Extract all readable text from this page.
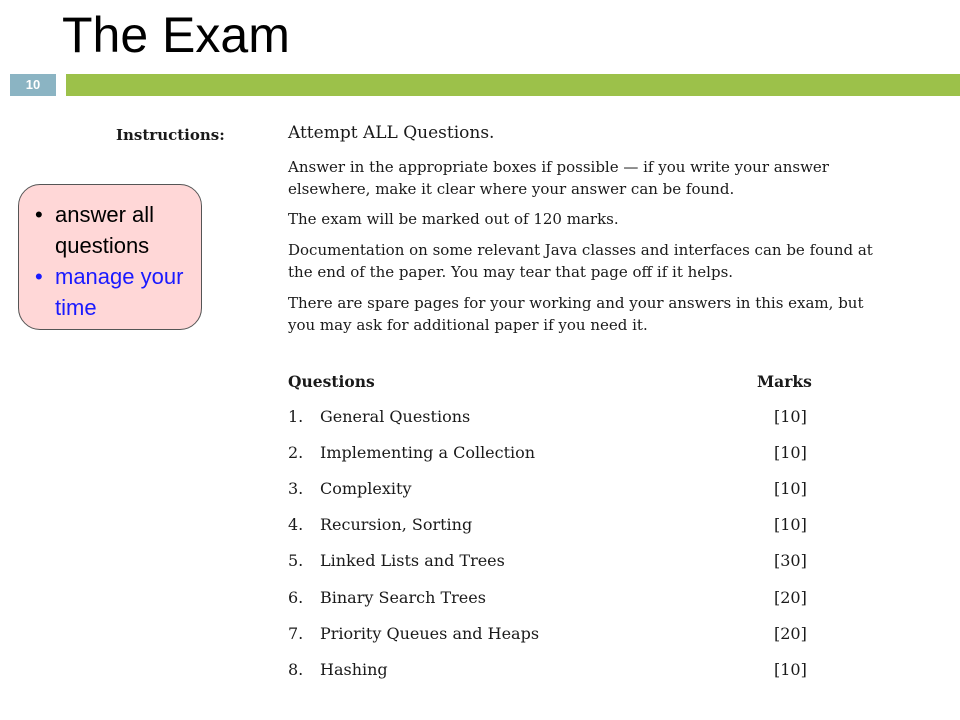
The Exam
10
• answer all questions
• manage your time
Instructions:	Attempt ALL Questions.

Answer in the appropriate boxes if possible — if you write your answer elsewhere, make it clear where your answer can be found.

The exam will be marked out of 120 marks.

Documentation on some relevant Java classes and interfaces can be found at the end of the paper. You may tear that page off if it helps.

There are spare pages for your working and your answers in this exam, but you may ask for additional paper if you need it.

Questions	Marks
1. General Questions	[10]
2. Implementing a Collection	[10]
3. Complexity	[10]
4. Recursion, Sorting	[10]
5. Linked Lists and Trees	[30]
6. Binary Search Trees	[20]
7. Priority Queues and Heaps	[20]
8. Hashing	[10]
